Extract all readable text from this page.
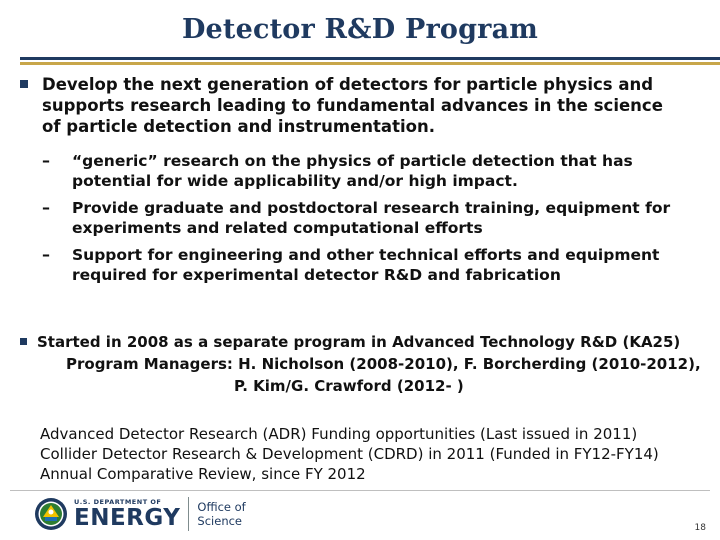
Detector R&D Program
Develop the next generation of detectors for particle physics and supports research leading to fundamental advances in the science of particle detection and instrumentation.
–	“generic” research on the physics of particle detection that has potential for wide applicability and/or high impact.
–	Provide graduate and postdoctoral research training, equipment for experiments and related computational efforts
–	Support for engineering and other technical efforts and equipment required for experimental detector R&D and fabrication
Started in 2008 as a separate program in Advanced Technology R&D (KA25)
Program Managers: H. Nicholson (2008-2010), F. Borcherding (2010-2012),
P. Kim/G. Crawford (2012- )
Advanced Detector Research (ADR) Funding opportunities (Last issued in 2011)
Collider Detector Research & Development (CDRD) in 2011 (Funded in FY12-FY14)
Annual Comparative Review, since FY 2012
U.S. DEPARTMENT OF
ENERGY Office of
Science	18
